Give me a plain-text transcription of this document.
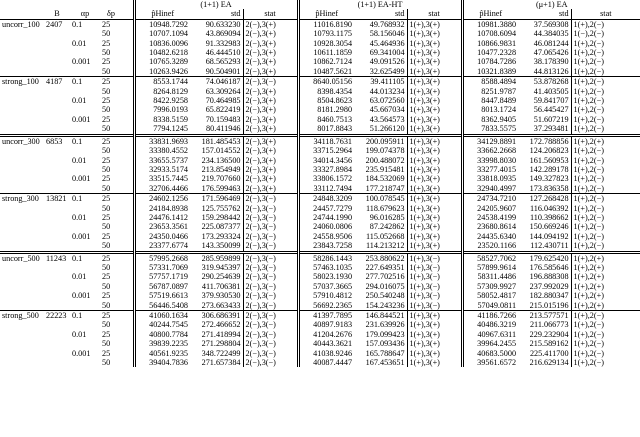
					(1+1) EA			(1+1) EA-HT			(μ+1) EA		
	B	αp	δp		p̂Hinef	std	stat	p̂Hinef	std	stat	p̂Hinef	std	stat
uncorr_100	2407	0.1	25		10948.7292	90.633230	2(−),3(+)	11016.8190	49.768932	1(+),3(+)	10981.3880	37.569308	1(+),2(−)
			50		10707.1094	43.869094	2(−),3(+)	10793.1175	58.156046	1(+),3(+)	10708.6094	44.384035	1(−),2(−)
		0.01	25		10836.0096	91.332983	2(−),3(+)	10928.3054	45.464936	1(+),3(+)	10866.9831	46.081244	1(+),2(−)
			50		10482.6218	46.444510	2(−),3(+)	10611.1859	69.341004	1(+),3(+)	10477.2328	47.065426	1(+),2(−)
		0.001	25		10765.3289	68.565293	2(−),3(+)	10862.7124	49.091526	1(+),3(+)	10784.7286	38.178390	1(+),2(−)
			50		10263.9426	90.504901	2(−),3(+)	10487.5621	32.625499	1(+),3(+)	10321.8389	44.813126	1(+),2(−)
strong_100	4187	0.1	25		8553.1744	74.046187	2(−),3(−)	8640.05156	39.411105	1(+),3(+)	8588.4894	53.878268	1(+),2(−)
			50		8264.8129	63.309264	2(−),3(+)	8398.4354	44.013234	1(+),3(+)	8251.9787	41.403505	1(+),2(−)
		0.01	25		8422.9258	70.464985	2(−),3(+)	8504.8623	63.072560	1(+),3(+)	8447.8489	59.841707	1(+),2(−)
			50		7996.0193	65.822419	2(−),3(+)	8181.2980	45.667034	1(+),3(+)	8013.1724	56.445427	1(+),2(−)
		0.001	25		8338.5159	70.159483	2(−),3(+)	8460.7513	43.564573	1(+),3(+)	8362.9405	51.607219	1(+),2(−)
			50		7794.1245	80.411946	2(−),3(+)	8017.8843	51.266120	1(+),3(+)	7833.5575	37.293481	1(+),2(−)
uncorr_300	6853	0.1	25		33831.9693	181.485453	2(−),3(+)	34118.7631	200.095911	1(+),3(+)	34129.8891	172.788856	1(+),2(+)
			50		33380.4552	157.014552	2(−),3(+)	33715.2964	199.074378	1(+),3(+)	33662.2668	124.206823	1(+),2(−)
		0.01	25		33655.5737	234.136500	2(−),3(+)	34014.3456	200.488072	1(+),3(+)	33998.8030	161.560953	1(+),2(−)
			50		32933.5174	213.854949	2(−),3(+)	33327.8984	235.915481	1(+),3(+)	33277.4015	142.289178	1(+),2(−)
		0.001	25		33515.7445	219.707660	2(−),3(+)	33806.1572	184.532069	1(+),3(+)	33818.0935	149.327823	1(+),2(−)
			50		32706.4466	176.599463	2(−),3(+)	33112.7494	177.218747	1(+),3(+)	32940.4997	173.836358	1(+),2(−)
strong_300	13821	0.1	25		24602.1256	171.596469	2(−),3(−)	24848.3209	100.078545	1(+),3(+)	24734.7210	127.268428	1(+),2(−)
			50		24184.8938	125.755762	2(−),3(−)	24457.7279	118.679623	1(+),3(+)	24205.9607	116.046392	1(+),2(−)
		0.01	25		24476.1412	159.298442	2(−),3(−)	24744.1990	96.016285	1(+),3(+)	24538.4199	110.398662	1(+),2(−)
			50		23653.3561	225.087377	2(−),3(−)	24060.0806	87.242862	1(+),3(+)	23680.8614	150.669246	1(+),2(−)
		0.001	25		24350.0466	173.293324	2(−),3(−)	24558.9506	115.052668	1(+),3(+)	24435.6340	144.094192	1(+),2(−)
			50		23377.6774	143.350099	2(−),3(−)	23843.7258	114.213212	1(+),3(+)	23520.1166	112.430711	1(+),2(−)
uncorr_500	11243	0.1	25		57995.2668	285.959899	2(−),3(−)	58286.1443	253.880622	1(+),3(−)	58527.7062	179.625420	1(+),2(+)
			50		57331.7069	319.945397	2(−),3(−)	57463.1035	227.649351	1(+),3(−)	57899.9614	176.585646	1(+),2(+)
		0.01	25		57757.1719	290.254639	2(−),3(−)	58023.1930	277.702516	1(+),3(−)	58311.4486	196.888308	1(+),2(+)
			50		56787.0897	411.706381	2(−),3(−)	57037.3665	294.016075	1(+),3(−)	57309.9927	237.992029	1(+),2(+)
		0.001	25		57519.6613	379.930530	2(−),3(−)	57910.4812	250.540248	1(+),3(−)	58052.4817	182.880347	1(+),2(+)
			50		56446.5408	273.663433	2(−),3(−)	56692.2365	154.243236	1(+),3(−)	57049.0811	215.015196	1(+),2(+)
strong_500	22223	0.1	25		41060.1634	306.686391	2(−),3(−)	41397.7895	146.844521	1(+),3(+)	41186.7266	213.577571	1(+),2(−)
			50		40244.7545	272.466652	2(−),3(−)	40897.9183	231.639926	1(+),3(+)	40486.3219	211.066773	1(+),2(−)
		0.01	25		40800.7784	271.418994	2(−),3(−)	41204.2676	179.099423	1(+),3(+)	40967.6311	229.232904	1(+),2(−)
			50		39839.2235	271.298804	2(−),3(−)	40443.3621	157.093436	1(+),3(+)	39964.2455	215.589162	1(+),2(−)
		0.001	25		40561.9235	348.722499	2(−),3(−)	41038.9246	165.788647	1(+),3(+)	40683.5000	225.411700	1(+),2(−)
			50		39404.7836	271.657384	2(−),3(−)	40087.4447	167.453651	1(+),3(+)	39561.6572	216.629134	1(+),2(−)
